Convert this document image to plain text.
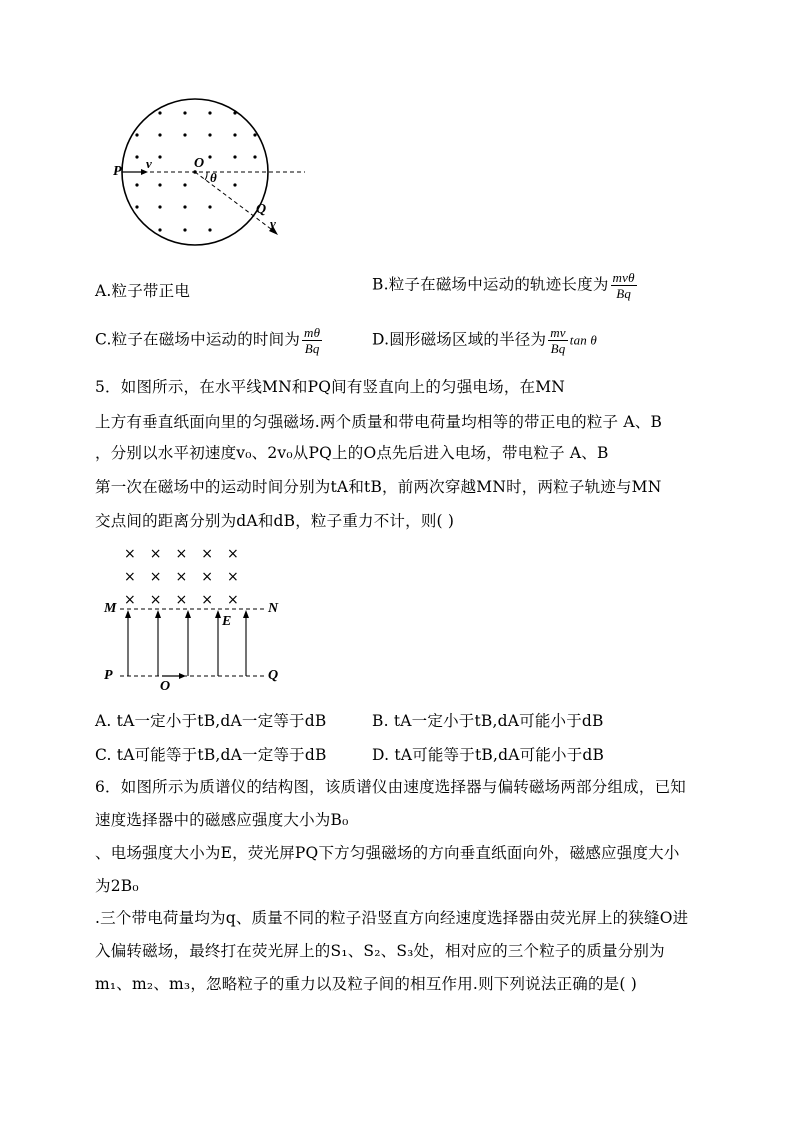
P
v	O
θ
Q
v
A.粒子带正电	B.粒子在磁场中运动的轨迹长度为 $\frac{\text{mvθ}}{Bq}$
C.粒子在磁场中运动的时间为 $\frac{m\theta}{Bq}$	D.圆形磁场区域的半径为 $\frac{mv}{Bq}$ tan θ
5．如图所示，在水平线MN和PQ间有竖直向上的匀强电场，在MN
上方有垂直纸面向里的匀强磁场.两个质量和带电荷量均相等的带正电的粒子 A、B
，分别以水平初速度v₀、2v₀从PQ上的O点先后进入电场，带电粒子 A、B
第一次在磁场中的运动时间分别为tA和tB，前两次穿越MN时，两粒子轨迹与MN
交点间的距离分别为dA和dB，粒子重力不计，则( )
×××××
×××××
×××××
M	N
E
P
O
Q
A. tA一定小于tB,dA一定等于dB	B. tA一定小于tB,dA可能小于dB
C. tA可能等于tB,dA一定等于dB	D. tA可能等于tB,dA可能小于dB
6．如图所示为质谱仪的结构图，该质谱仪由速度选择器与偏转磁场两部分组成，已知
速度选择器中的磁感应强度大小为B₀
、电场强度大小为E，荧光屏PQ下方匀强磁场的方向垂直纸面向外，磁感应强度大小
为2B₀
.三个带电荷量均为q、质量不同的粒子沿竖直方向经速度选择器由荧光屏上的狭缝O进
入偏转磁场，最终打在荧光屏上的S₁、S₂、S₃处，相对应的三个粒子的质量分别为
m₁、m₂、m₃，忽略粒子的重力以及粒子间的相互作用.则下列说法正确的是( )
